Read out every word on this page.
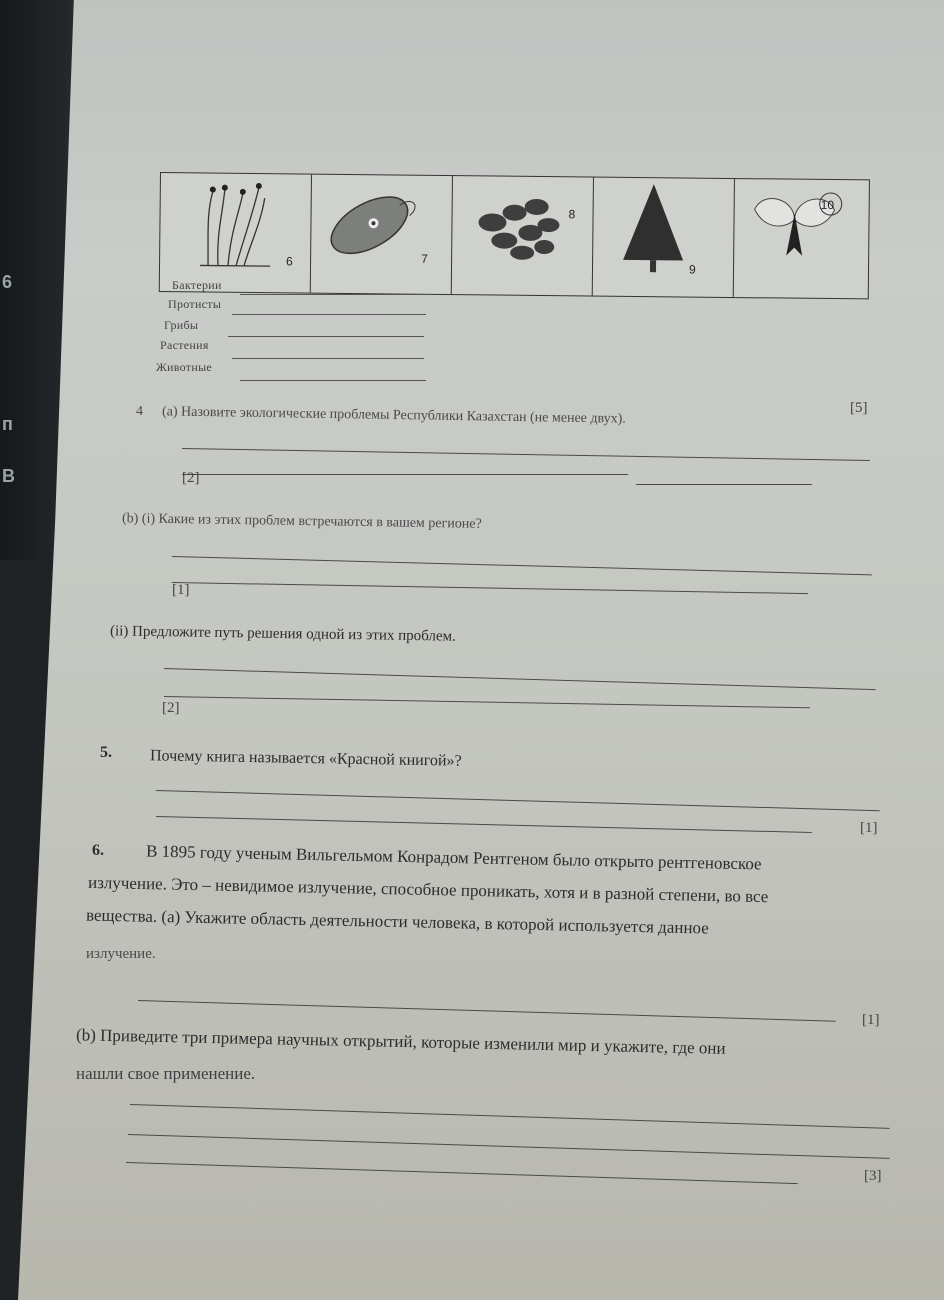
6
п
B
6	7
8
9
10
Бактерии
Протисты
Грибы
Растения
Животные
[5]
4 (a) Назовите экологические проблемы Республики Казахстан (не менее двух).
[2]
(b) (i) Какие из этих проблем встречаются в вашем регионе?
[1]
(ii) Предложите путь решения одной из этих проблем.
[2]
5. Почему книга называется «Красной книгой»?
[1]
6. В 1895 году ученым Вильгельмом Конрадом Рентгеном было открыто рентгеновское
излучение. Это – невидимое излучение, способное проникать, хотя и в разной степени, во все
вещества. (a) Укажите область деятельности человека, в которой используется данное
излучение.
[1]
(b) Приведите три примера научных открытий, которые изменили мир и укажите, где они
нашли свое применение.
[3]
